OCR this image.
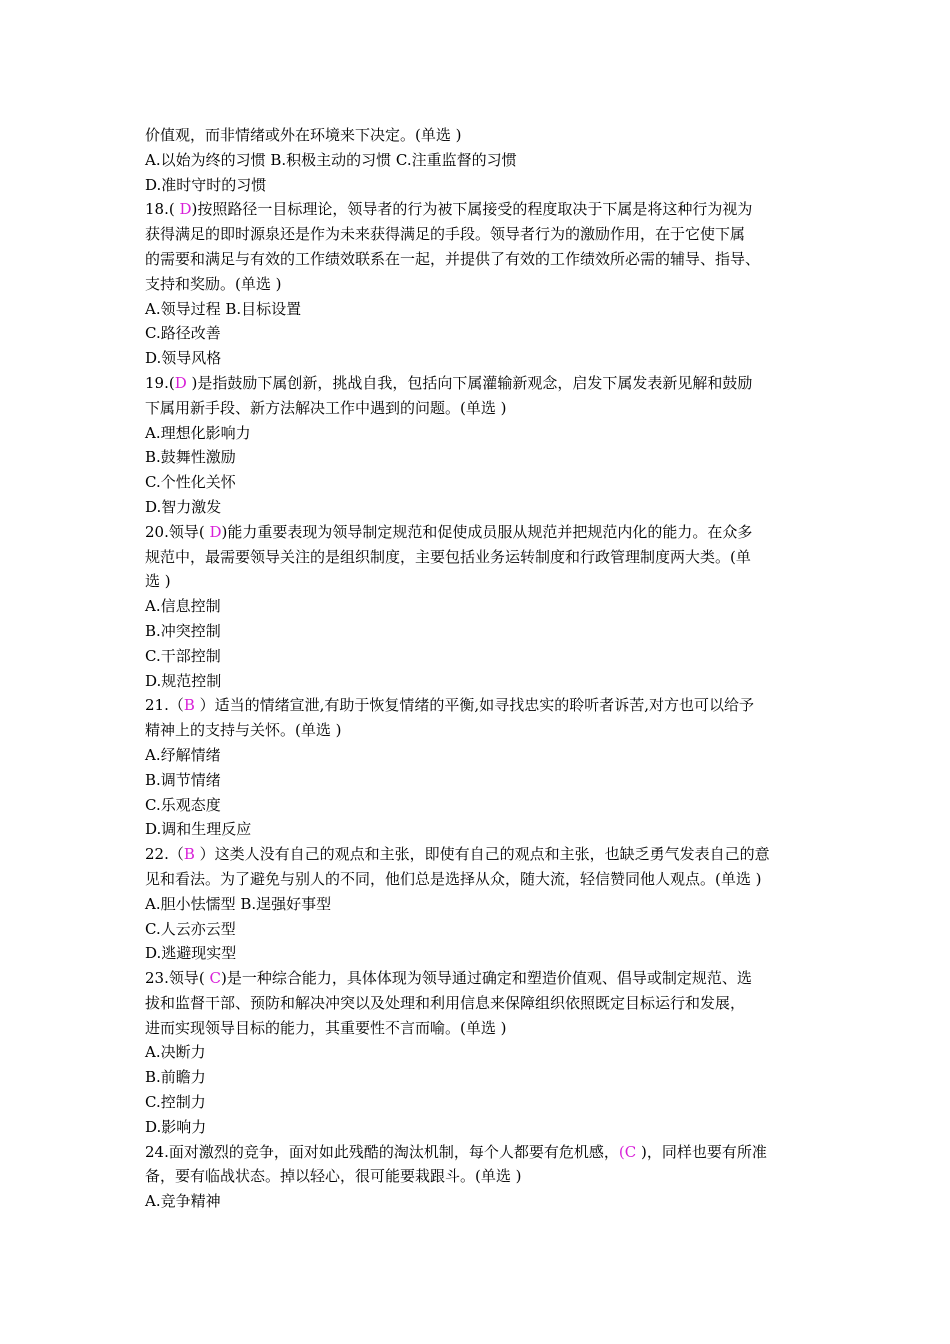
价值观，而非情绪或外在环境来下决定。(单选 )
A.以始为终的习惯 B.积极主动的习惯 C.注重监督的习惯
D.准时守时的习惯
18.( D)按照路径一目标理论，领导者的行为被下属接受的程度取决于下属是将这种行为视为
获得满足的即时源泉还是作为未来获得满足的手段。领导者行为的激励作用，在于它使下属
的需要和满足与有效的工作绩效联系在一起，并提供了有效的工作绩效所必需的辅导、指导、
支持和奖励。(单选 )
A.领导过程 B.目标设置
C.路径改善
D.领导风格
19.(D )是指鼓励下属创新，挑战自我，包括向下属灌输新观念，启发下属发表新见解和鼓励
下属用新手段、新方法解决工作中遇到的问题。(单选 )
A.理想化影响力
B.鼓舞性激励
C.个性化关怀
D.智力激发
20.领导( D)能力重要表现为领导制定规范和促使成员服从规范并把规范内化的能力。在众多
规范中，最需要领导关注的是组织制度，主要包括业务运转制度和行政管理制度两大类。(单
选 )
A.信息控制
B.冲突控制
C.干部控制
D.规范控制
21.（B ）适当的情绪宣泄,有助于恢复情绪的平衡,如寻找忠实的聆听者诉苦,对方也可以给予
精神上的支持与关怀。(单选 )
A.纾解情绪
B.调节情绪
C.乐观态度
D.调和生理反应
22.（B ）这类人没有自己的观点和主张，即使有自己的观点和主张，也缺乏勇气发表自己的意
见和看法。为了避免与别人的不同，他们总是选择从众，随大流，轻信赞同他人观点。(单选 )
A.胆小怯懦型 B.逞强好事型
C.人云亦云型
D.逃避现实型
23.领导( C)是一种综合能力，具体体现为领导通过确定和塑造价值观、倡导或制定规范、选
拔和监督干部、预防和解决冲突以及处理和利用信息来保障组织依照既定目标运行和发展，
进而实现领导目标的能力，其重要性不言而喻。(单选 )
A.决断力
B.前瞻力
C.控制力
D.影响力
24.面对激烈的竞争，面对如此残酷的淘汰机制，每个人都要有危机感，(C )，同样也要有所准
备，要有临战状态。掉以轻心，很可能要栽跟斗。(单选 )
A.竞争精神
